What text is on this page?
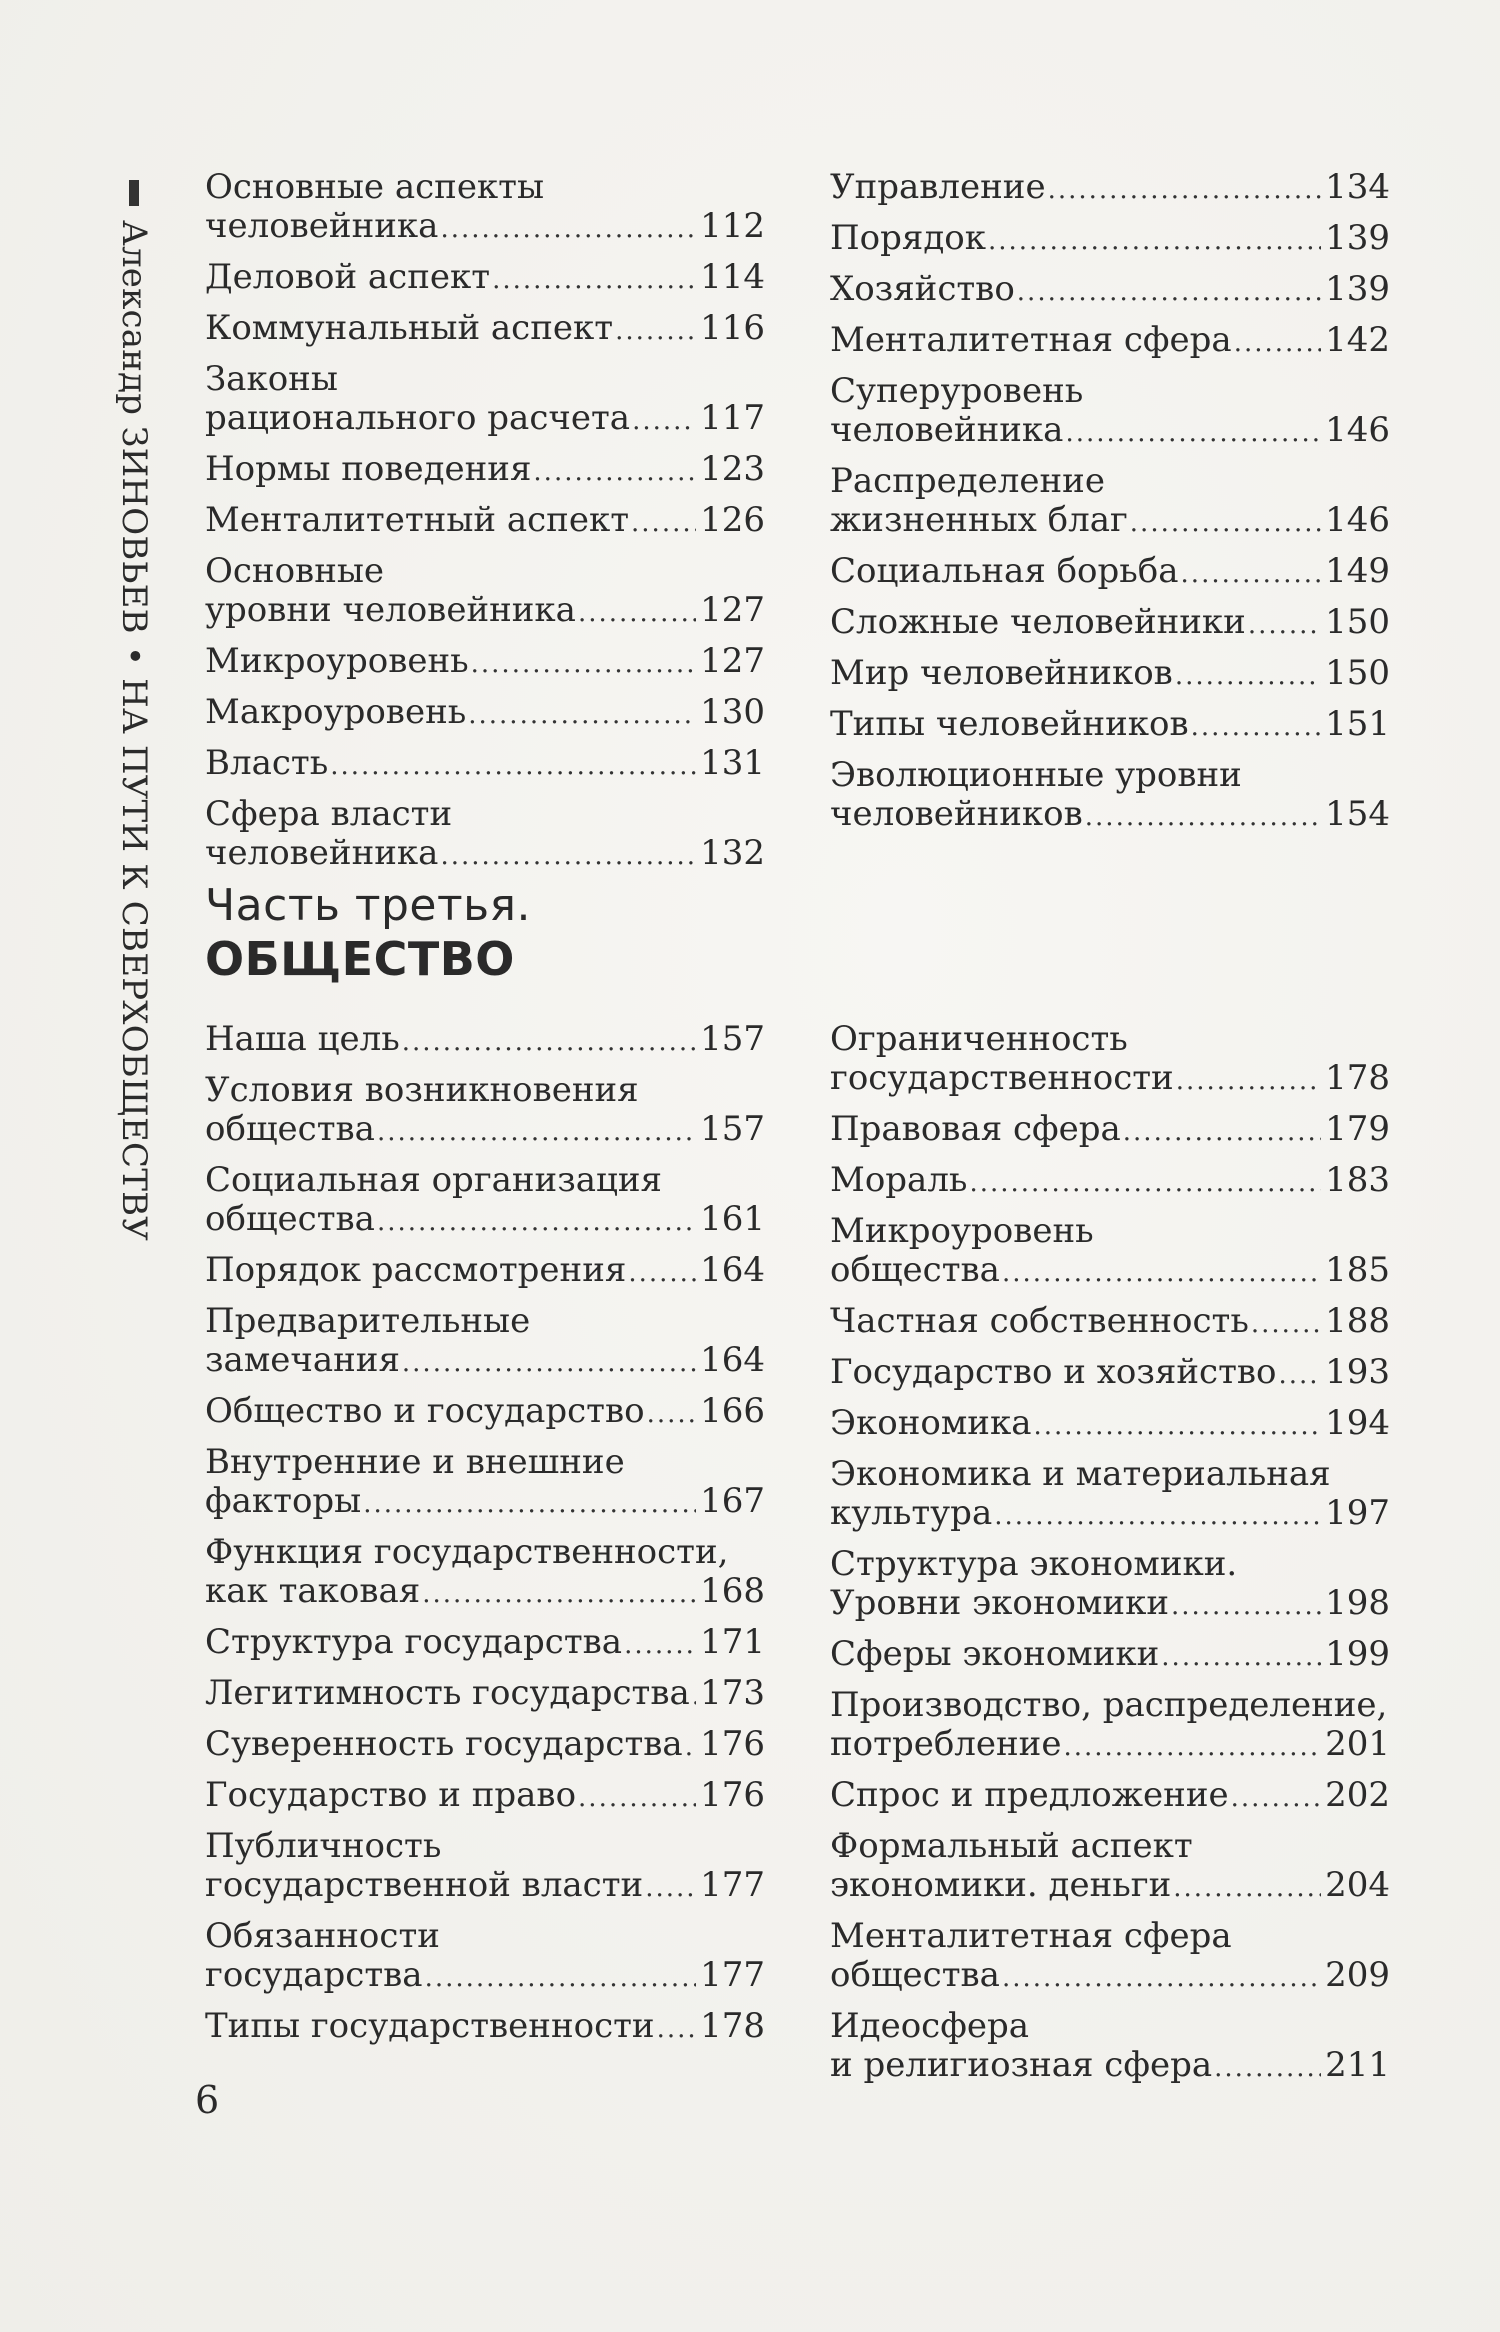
Александр ЗИНОВЬЕВ•НА ПУТИ К СВЕРХОБЩЕСТВУ
Основные аспекты
человейника .....	112
Деловой аспект .....	114
Коммунальный аспект .....	116
Законы
рационального расчета ..... 117
Нормы поведения .....	123
Менталитетный аспект ..... 126
Основные
уровни человейника .....	127
Микроуровень .....	127
Макроуровень .....	130
Власть .....	131
Сфера власти
человейника .....	132
Управление .....	134
Порядок .....	139
Хозяйство .....	139
Менталитетная сфера .....	142
Суперуровень
человейника .....	146
Распределение
жизненных благ .....	146
Социальная борьба .....	149
Сложные человейники ..... 150
Мир человейников .....	150
Типы человейников .....	151
Эволюционные уровни
человейников .....	154
Часть третья.
ОБЩЕСТВО
Наша цель .....	157
Условия возникновения
общества .....	157
Социальная организация
общества .....	161
Порядок рассмотрения ..... 164
Предварительные
замечания .....	164
Общество и государство ..... 166
Внутренние и внешние
факторы .....	167
Функция государственности,
как таковая .....	168
Структура государства ..... 171
Легитимность государства ..... 173
Суверенность государства ..... 176
Государство и право .....	176
Публичность
государственной власти ..... 177
Обязанности
государства .....	177
Типы государственности ..... 178
Ограниченность
государственности .....	178
Правовая сфера .....	179
Мораль .....	183
Микроуровень
общества .....	185
Частная собственность ..... 188
Государство и хозяйство ..... 193
Экономика .....	194
Экономика и материальная
культура .....	197
Структура экономики.
Уровни экономики .....	198
Сферы экономики .....	199
Производство, распределение,
потребление .....	201
Спрос и предложение .....	202
Формальный аспект
экономики. деньги .....	204
Менталитетная сфера
общества .....	209
Идеосфера
и религиозная сфера .....	211
6
